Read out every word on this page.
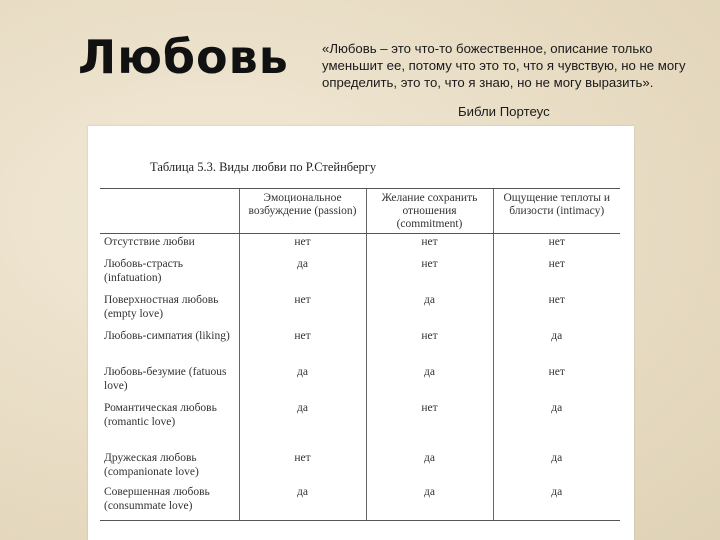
Любовь	«Любовь – это что-то божественное, описание только уменьшит ее, потому что это то, что я чувствую, но не могу определить, это то, что я знаю, но не могу выразить».
Библи Портеус
Таблица 5.3. Виды любви по Р.Стейнбергу
	Эмоциональное возбуждение (passion)	Желание сохранить отношения (commitment)	Ощущение теплоты и близости (intimacy)
Отсутствие любви	нет	нет	нет
Любовь-страсть (infatuation)	да	нет	нет
Поверхностная любовь (empty love)	нет	да	нет
Любовь-симпатия (liking)	нет	нет	да
Любовь-безумие (fatuous love)	да	да	нет
Романтическая любовь (romantic love)	да	нет	да
Дружеская любовь (companionate love)	нет	да	да
Совершенная любовь (consummate love)	да	да	да
